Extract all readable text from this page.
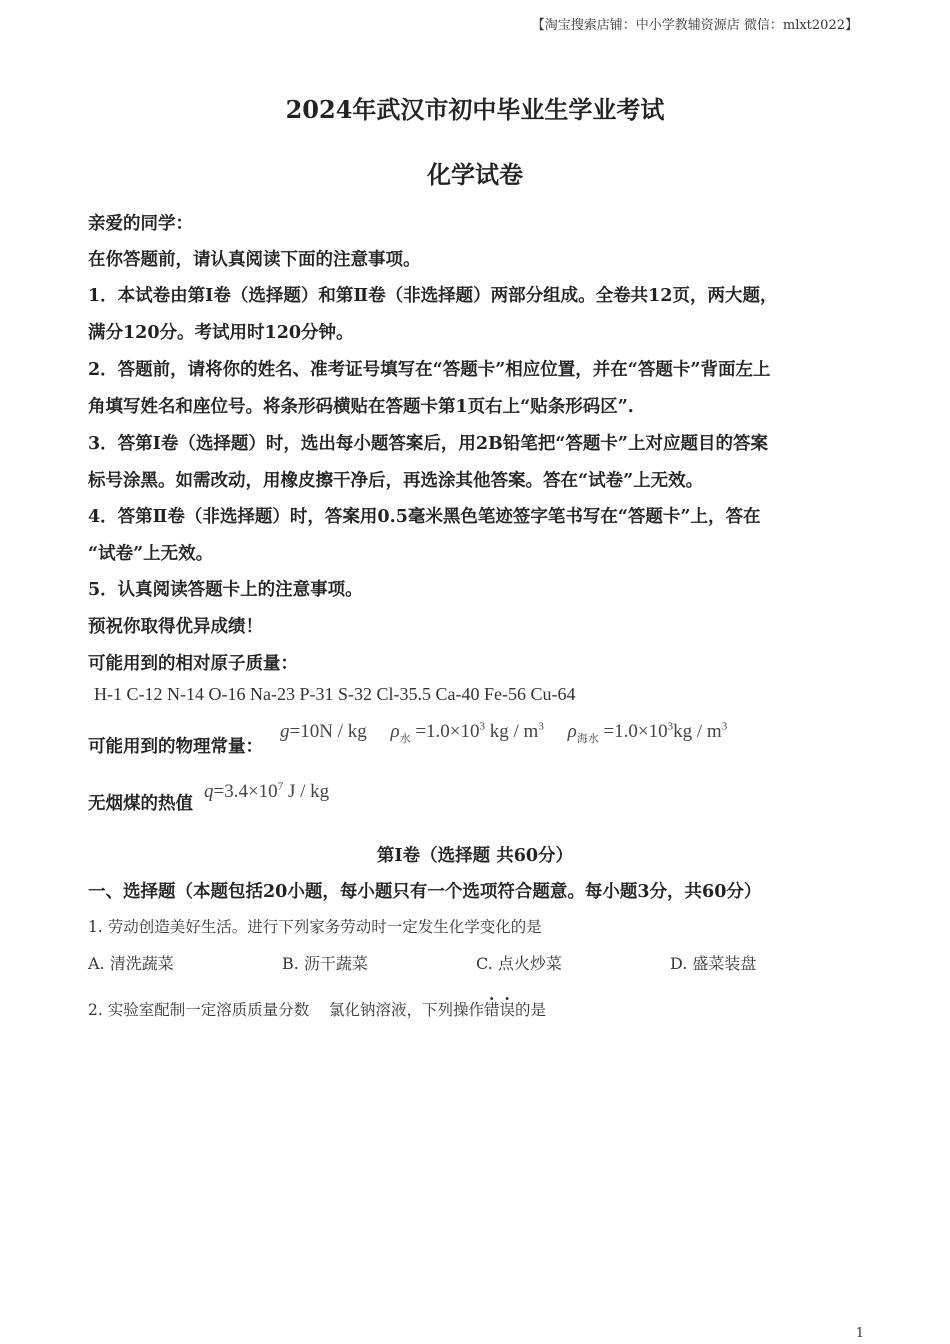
【淘宝搜索店铺：中小学教辅资源店 微信：mlxt2022】
2024年武汉市初中毕业生学业考试
化学试卷
亲爱的同学：
在你答题前，请认真阅读下面的注意事项。
1．本试卷由第Ⅰ卷（选择题）和第Ⅱ卷（非选择题）两部分组成。全卷共12页，两大题，
满分120分。考试用时120分钟。
2．答题前，请将你的姓名、准考证号填写在“答题卡”相应位置，并在“答题卡”背面左上
角填写姓名和座位号。将条形码横贴在答题卡第1页右上“贴条形码区”.
3．答第Ⅰ卷（选择题）时，选出每小题答案后，用2B铅笔把“答题卡”上对应题目的答案
标号涂黑。如需改动，用橡皮擦干净后，再选涂其他答案。答在“试卷”上无效。
4．答第Ⅱ卷（非选择题）时，答案用0.5毫米黑色笔迹签字笔书写在“答题卡”上，答在
“试卷”上无效。
5．认真阅读答题卡上的注意事项。
预祝你取得优异成绩！
可能用到的相对原子质量：
H-1 C-12 N-14 O-16 Na-23 P-31 S-32 Cl-35.5 Ca-40 Fe-56 Cu-64
可能用到的物理常量：
g=10N / kg $\rho_水 =1.0\times 10^3$ kg / $m^3$ $\rho_{海水} =1.0\times 10^3kg / m^3$
无烟煤的热值
$q=3.4\times 10^7$ J / kg
第Ⅰ卷（选择题 共60分）
一、选择题（本题包括20小题，每小题只有一个选项符合题意。每小题3分，共60分）
1. 劳动创造美好生活。进行下列家务劳动时一定发生化学变化的是
A. 清洗蔬菜	B. 沥干蔬菜	C. 点火炒菜	D. 盛菜装盘
2. 实验室配制一定溶质质量分数 氯化钠溶液，下列操作错误的是
1
